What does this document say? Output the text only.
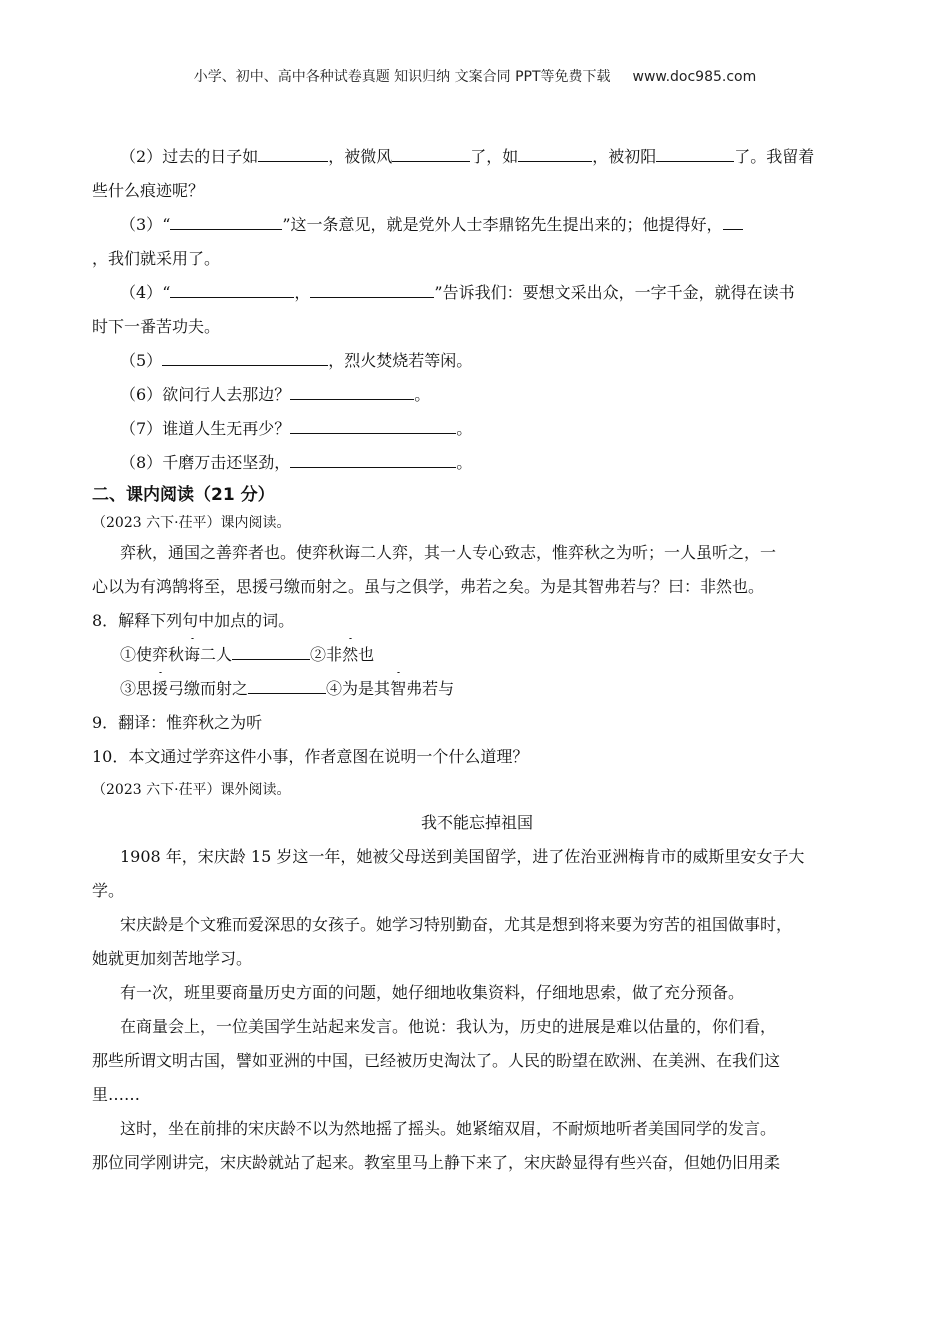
小学、初中、高中各种试卷真题 知识归纳 文案合同 PPT等免费下载 www.doc985.com
（2）过去的日子如	，被微风	了，如	，被初阳	了。我留着
些什么痕迹呢？
（3）“	”这一条意见，就是党外人士李鼎铭先生提出来的；他提得好，
，我们就采用了。
（4）“	，	”告诉我们：要想文采出众，一字千金，就得在读书
时下一番苦功夫。
（5）	，烈火焚烧若等闲。
（6）欲问行人去那边？	。
（7）谁道人生无再少？	。
（8）千磨万击还坚劲，	。
二、课内阅读（21 分）
（2023 六下·茌平）课内阅读。
弈秋，通国之善弈者也。使弈秋诲二人弈，其一人专心致志，惟弈秋之为听；一人虽听之，一
心以为有鸿鹄将至，思援弓缴而射之。虽与之俱学，弗若之矣。为是其智弗若与？曰：非然也。
8．解释下列句中加点的词。
①使弈秋诲二人	②非然也
③思援弓缴而射之	④为是其智弗若与
9．翻译：惟弈秋之为听
10．本文通过学弈这件小事，作者意图在说明一个什么道理？
（2023 六下·茌平）课外阅读。
我不能忘掉祖国
1908 年，宋庆龄 15 岁这一年，她被父母送到美国留学，进了佐治亚洲梅肯市的威斯里安女子大
学。
宋庆龄是个文雅而爱深思的女孩子。她学习特别勤奋，尤其是想到将来要为穷苦的祖国做事时，
她就更加刻苦地学习。
有一次，班里要商量历史方面的问题，她仔细地收集资料，仔细地思索，做了充分预备。
在商量会上，一位美国学生站起来发言。他说：我认为，历史的进展是难以估量的，你们看，
那些所谓文明古国，譬如亚洲的中国，已经被历史淘汰了。人民的盼望在欧洲、在美洲、在我们这
里……
这时，坐在前排的宋庆龄不以为然地摇了摇头。她紧缩双眉，不耐烦地听者美国同学的发言。
那位同学刚讲完，宋庆龄就站了起来。教室里马上静下来了，宋庆龄显得有些兴奋，但她仍旧用柔
